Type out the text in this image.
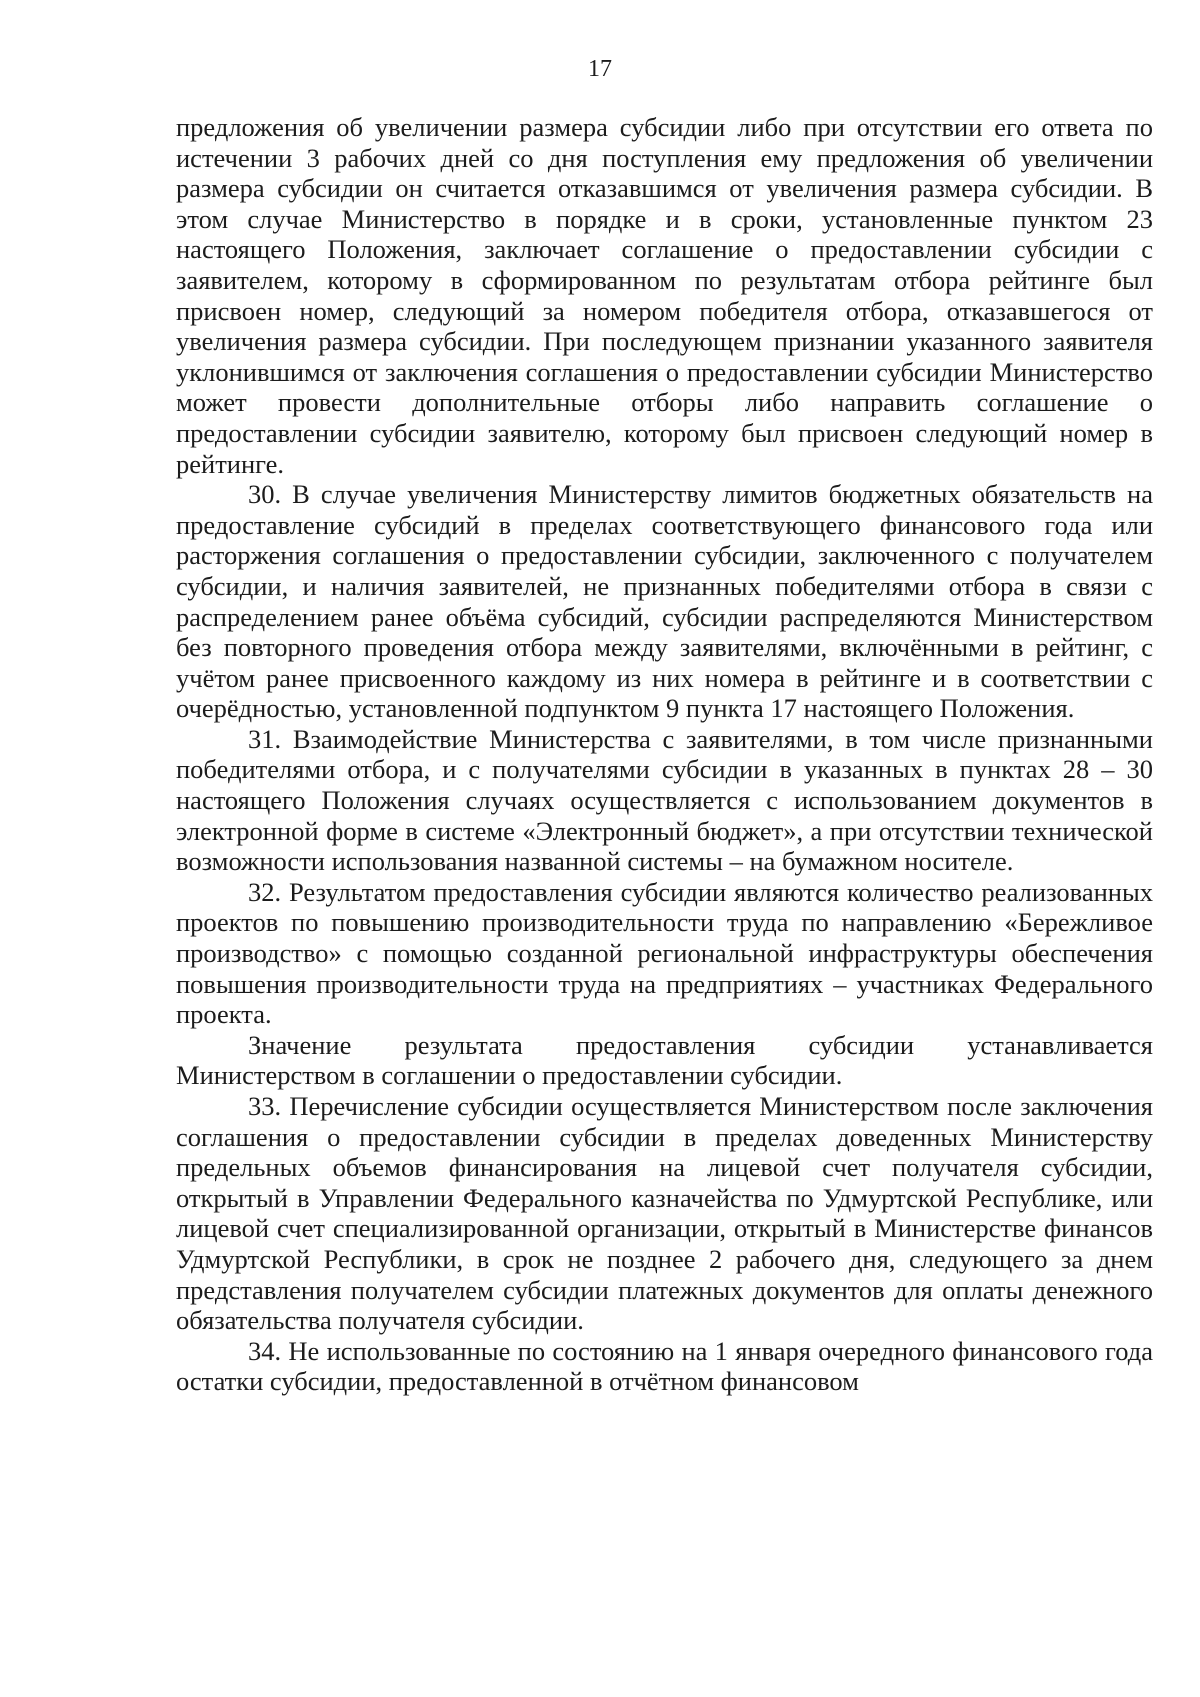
17

предложения об увеличении размера субсидии либо при отсутствии его ответа по истечении 3 рабочих дней со дня поступления ему предложения об увеличении размера субсидии он считается отказавшимся от увеличения размера субсидии. В этом случае Министерство в порядке и в сроки, установленные пунктом 23 настоящего Положения, заключает соглашение о предоставлении субсидии с заявителем, которому в сформированном по результатам отбора рейтинге был присвоен номер, следующий за номером победителя отбора, отказавшегося от увеличения размера субсидии. При последующем признании указанного заявителя уклонившимся от заключения соглашения о предоставлении субсидии Министерство может провести дополнительные отборы либо направить соглашение о предоставлении субсидии заявителю, которому был присвоен следующий номер в рейтинге.

30. В случае увеличения Министерству лимитов бюджетных обязательств на предоставление субсидий в пределах соответствующего финансового года или расторжения соглашения о предоставлении субсидии, заключенного с получателем субсидии, и наличия заявителей, не признанных победителями отбора в связи с распределением ранее объёма субсидий, субсидии распределяются Министерством без повторного проведения отбора между заявителями, включёнными в рейтинг, с учётом ранее присвоенного каждому из них номера в рейтинге и в соответствии с очерёдностью, установленной подпунктом 9 пункта 17 настоящего Положения.

31. Взаимодействие Министерства с заявителями, в том числе признанными победителями отбора, и с получателями субсидии в указанных в пунктах 28 – 30 настоящего Положения случаях осуществляется с использованием документов в электронной форме в системе «Электронный бюджет», а при отсутствии технической возможности использования названной системы – на бумажном носителе.

32. Результатом предоставления субсидии являются количество реализованных проектов по повышению производительности труда по направлению «Бережливое производство» с помощью созданной региональной инфраструктуры обеспечения повышения производительности труда на предприятиях – участниках Федерального проекта.

Значение результата предоставления субсидии устанавливается Министерством в соглашении о предоставлении субсидии.

33. Перечисление субсидии осуществляется Министерством после заключения соглашения о предоставлении субсидии в пределах доведенных Министерству предельных объемов финансирования на лицевой счет получателя субсидии, открытый в Управлении Федерального казначейства по Удмуртской Республике, или лицевой счет специализированной организации, открытый в Министерстве финансов Удмуртской Республики, в срок не позднее 2 рабочего дня, следующего за днем представления получателем субсидии платежных документов для оплаты денежного обязательства получателя субсидии.

34. Не использованные по состоянию на 1 января очередного финансового года остатки субсидии, предоставленной в отчётном финансовом
